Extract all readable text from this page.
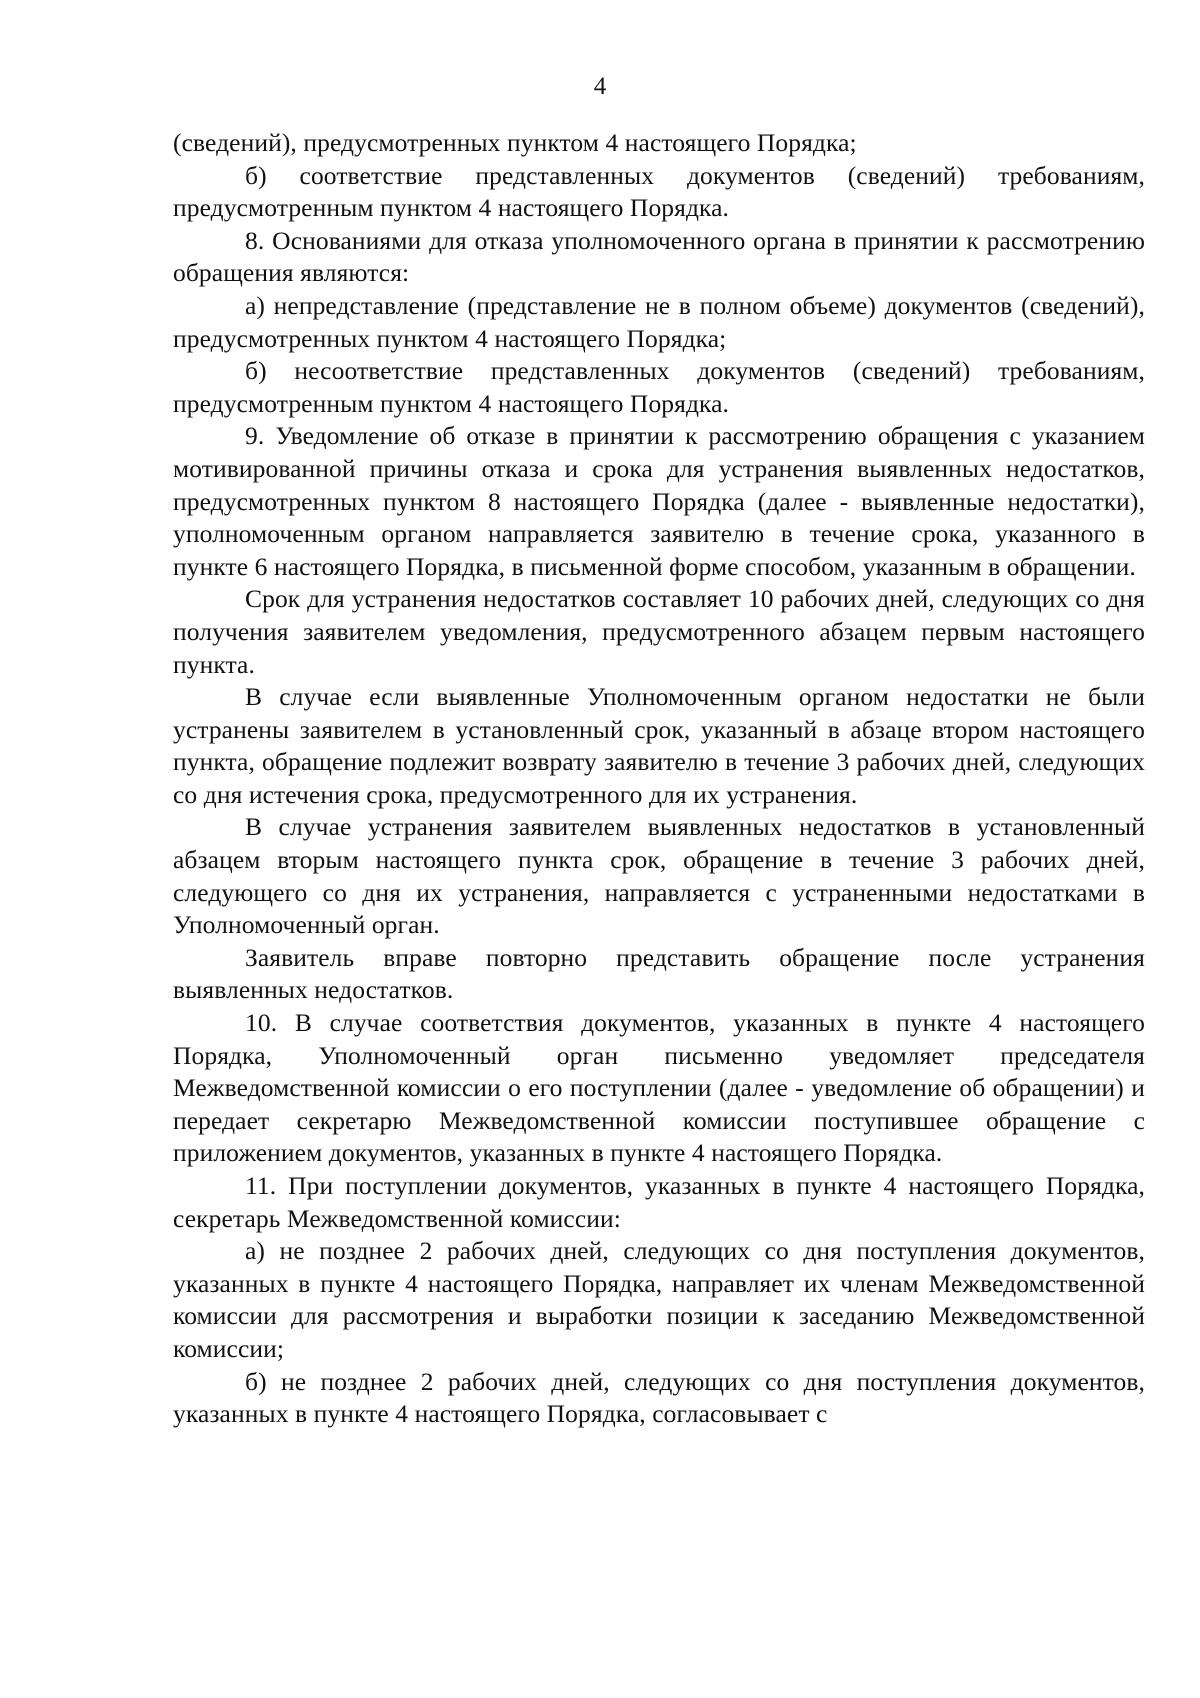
4

(сведений), предусмотренных пунктом 4 настоящего Порядка;

б) соответствие представленных документов (сведений) требованиям, предусмотренным пунктом 4 настоящего Порядка.

8. Основаниями для отказа уполномоченного органа в принятии к рассмотрению обращения являются:

а) непредставление (представление не в полном объеме) документов (сведений), предусмотренных пунктом 4 настоящего Порядка;

б) несоответствие представленных документов (сведений) требованиям, предусмотренным пунктом 4 настоящего Порядка.

9. Уведомление об отказе в принятии к рассмотрению обращения с указанием мотивированной причины отказа и срока для устранения выявленных недостатков, предусмотренных пунктом 8 настоящего Порядка (далее - выявленные недостатки), уполномоченным органом направляется заявителю в течение срока, указанного в пункте 6 настоящего Порядка, в письменной форме способом, указанным в обращении.

Срок для устранения недостатков составляет 10 рабочих дней, следующих со дня получения заявителем уведомления, предусмотренного абзацем первым настоящего пункта.

В случае если выявленные Уполномоченным органом недостатки не были устранены заявителем в установленный срок, указанный в абзаце втором настоящего пункта, обращение подлежит возврату заявителю в течение 3 рабочих дней, следующих со дня истечения срока, предусмотренного для их устранения.

В случае устранения заявителем выявленных недостатков в установленный абзацем вторым настоящего пункта срок, обращение в течение 3 рабочих дней, следующего со дня их устранения, направляется с устраненными недостатками в Уполномоченный орган.

Заявитель вправе повторно представить обращение после устранения выявленных недостатков.

10. В случае соответствия документов, указанных в пункте 4 настоящего Порядка, Уполномоченный орган письменно уведомляет председателя Межведомственной комиссии о его поступлении (далее - уведомление об обращении) и передает секретарю Межведомственной комиссии поступившее обращение с приложением документов, указанных в пункте 4 настоящего Порядка.

11. При поступлении документов, указанных в пункте 4 настоящего Порядка, секретарь Межведомственной комиссии:

а) не позднее 2 рабочих дней, следующих со дня поступления документов, указанных в пункте 4 настоящего Порядка, направляет их членам Межведомственной комиссии для рассмотрения и выработки позиции к заседанию Межведомственной комиссии;

б) не позднее 2 рабочих дней, следующих со дня поступления документов, указанных в пункте 4 настоящего Порядка, согласовывает с
